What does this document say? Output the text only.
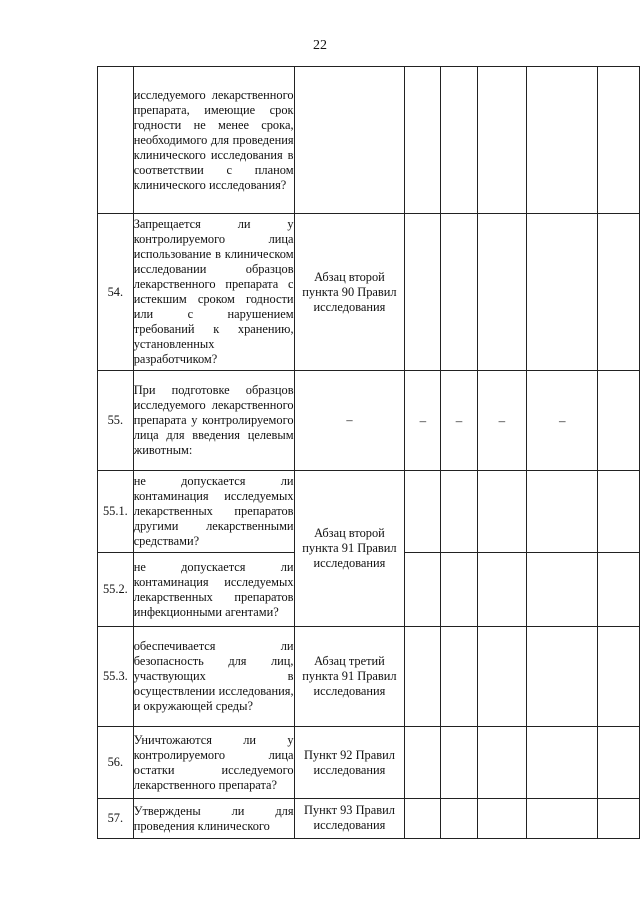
22
	исследуемого лекарственного препарата, имеющие срок годности не менее срока, необходимого для проведения клинического исследования в соответствии с планом клинического исследования?						
54.	Запрещается ли у контролируемого лица использование в клиническом исследовании образцов лекарственного препарата с истекшим сроком годности или с нарушением требований к хранению, установленных разработчиком?	Абзац второй пункта 90 Правил исследования					
55.	При подготовке образцов исследуемого лекарственного препарата у контролируемого лица для введения целевым животным:	–	–	–	–	–	
55.1.	не допускается ли контаминация исследуемых лекарственных препаратов другими лекарственными средствами?	Абзац второй пункта 91 Правил исследования					
55.2.	не допускается ли контаминация исследуемых лекарственных препаратов инфекционными агентами?						
55.3.	обеспечивается ли безопасность для лиц, участвующих в осуществлении исследования, и окружающей среды?	Абзац третий пункта 91 Правил исследования					
56.	Уничтожаются ли у контролируемого лица остатки исследуемого лекарственного препарата?	Пункт 92 Правил исследования					
57.	Утверждены ли для проведения клинического	Пункт 93 Правил исследования					
